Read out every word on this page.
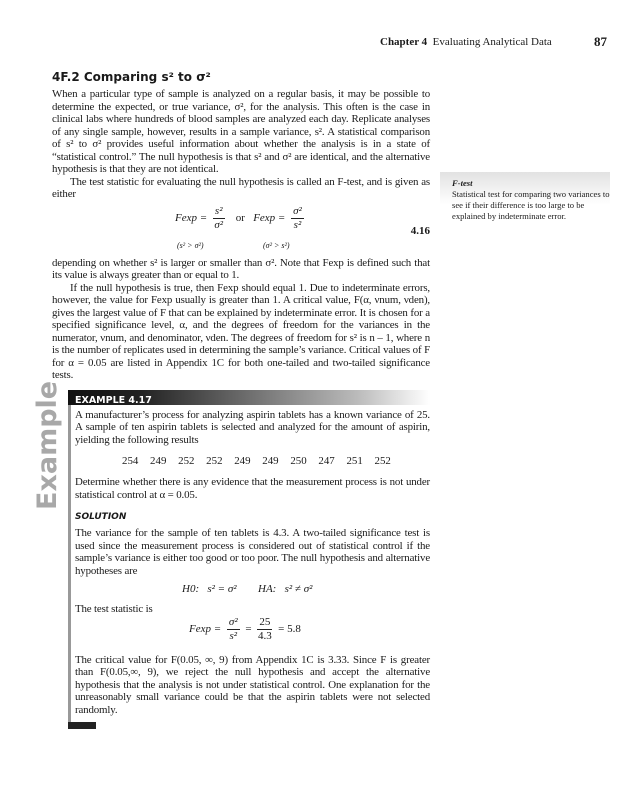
Chapter 4 Evaluating Analytical Data	87
F-test
Statistical test for comparing two variances to see if their difference is too large to be explained by indeterminate error.
4F.2 Comparing s² to σ²
When a particular type of sample is analyzed on a regular basis, it may be possible to determine the expected, or true variance, σ², for the analysis. This often is the case in clinical labs where hundreds of blood samples are analyzed each day. Replicate analyses of any single sample, however, results in a sample variance, s². A statistical comparison of s² to σ² provides useful information about whether the analysis is in a state of “statistical control.” The null hypothesis is that s² and σ² are identical, and the alternative hypothesis is that they are not identical.
The test statistic for evaluating the null hypothesis is called an F-test, and is given as either
$Fexp = \frac{\text{s²}}{\text{σ²}}$ or $Fexp = \frac{\text{σ²}}{\text{s²}}$	4.16
(s² > σ²)	(σ² > s²)
depending on whether s² is larger or smaller than σ². Note that Fexp is defined such that its value is always greater than or equal to 1.
If the null hypothesis is true, then Fexp should equal 1. Due to indeterminate errors, however, the value for Fexp usually is greater than 1. A critical value, F(α, νnum, νden), gives the largest value of F that can be explained by indeterminate error. It is chosen for a specified significance level, α, and the degrees of freedom for the variances in the numerator, νnum, and denominator, νden. The degrees of freedom for s² is n – 1, where n is the number of replicates used in determining the sample’s variance. Critical values of F for α = 0.05 are listed in Appendix 1C for both one-tailed and two-tailed significance tests.
Example	EXAMPLE 4.17
A manufacturer’s process for analyzing aspirin tablets has a known variance of 25. A sample of ten aspirin tablets is selected and analyzed for the amount of aspirin, yielding the following results
254 249 252 252 249 249 250 247 251 252
Determine whether there is any evidence that the measurement process is not under statistical control at α = 0.05.
SOLUTION
The variance for the sample of ten tablets is 4.3. A two-tailed significance test is used since the measurement process is considered out of statistical control if the sample’s variance is either too good or too poor. The null hypothesis and alternative hypotheses are
H0:   s² = σ² HA:   s² ≠ σ²
The test statistic is
$Fexp = \frac{\text{σ²}}{\text{s²}} = \frac{25}{4.3} = 5.8$
The critical value for F(0.05, ∞, 9) from Appendix 1C is 3.33. Since F is greater than F(0.05,∞, 9), we reject the null hypothesis and accept the alternative hypothesis that the analysis is not under statistical control. One explanation for the unreasonably small variance could be that the aspirin tablets were not selected randomly.
